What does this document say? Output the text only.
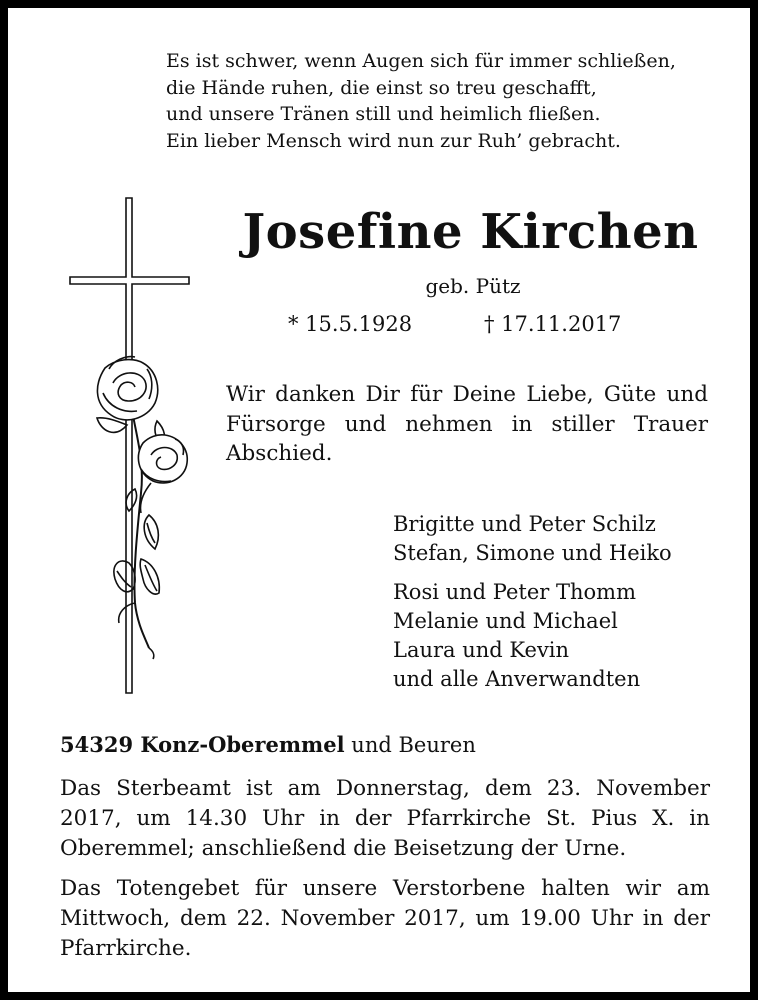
Es ist schwer, wenn Augen sich für immer schließen,
die Hände ruhen, die einst so treu geschafft,
und unsere Tränen still und heimlich fließen.
Ein lieber Mensch wird nun zur Ruh’ gebracht.
Josefine Kirchen
geb. Pütz
* 15.5.1928	† 17.11.2017
Wir danken Dir für Deine Liebe, Güte und Fürsorge und nehmen in stiller Trauer Abschied.
Brigitte und Peter Schilz
Stefan, Simone und Heiko
Rosi und Peter Thomm
Melanie und Michael
Laura und Kevin
und alle Anverwandten
54329 Konz-Oberemmel und Beuren
Das Sterbeamt ist am Donnerstag, dem 23. November 2017, um 14.30 Uhr in der Pfarrkirche St. Pius X. in Oberemmel; anschließend die Beisetzung der Urne.
Das Totengebet für unsere Verstorbene halten wir am Mittwoch, dem 22. November 2017, um 19.00 Uhr in der Pfarrkirche.
